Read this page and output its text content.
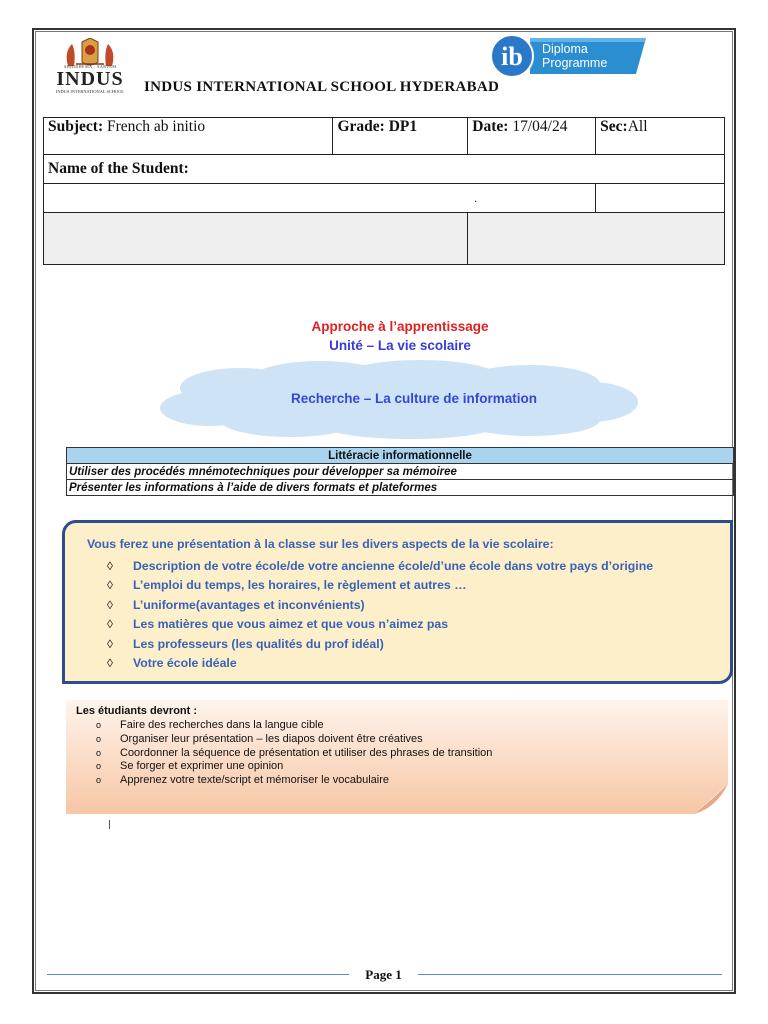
ABHIDHEMA · SARVAM
INDUS
INDUS INTERNATIONAL SCHOOL INDUS INTERNATIONAL SCHOOL HYDERABAD
ib Diploma
Programme
Subject: French ab initio	Grade: DP1	Date: 17/04/24	Sec:All
Name of the Student:			
			.

Approche à l’apprentissage
Unité – La vie scolaire
Recherche – La culture de information
Littéracie informationnelle
Utiliser des procédés mnémotechniques pour développer sa mémoiree
Présenter les informations à l’aide de divers formats et plateformes
Vous ferez une présentation à la classe sur les divers aspects de la vie scolaire:
◊ Description de votre école/de votre ancienne école/d’une école dans votre pays d’origine
◊ L’emploi du temps, les horaires, le règlement et autres …
◊ L’uniforme(avantages et inconvénients)
◊ Les matières que vous aimez et que vous n’aimez pas
◊ Les professeurs (les qualités du prof idéal)
◊ Votre école idéale
Les étudiants devront :
o Faire des recherches dans la langue cible
o Organiser leur présentation – les diapos doivent être créatives
o Coordonner la séquence de présentation et utiliser des phrases de transition
o Se forger et exprimer une opinion
o Apprenez votre texte/script et mémoriser le vocabulaire
Page 1
